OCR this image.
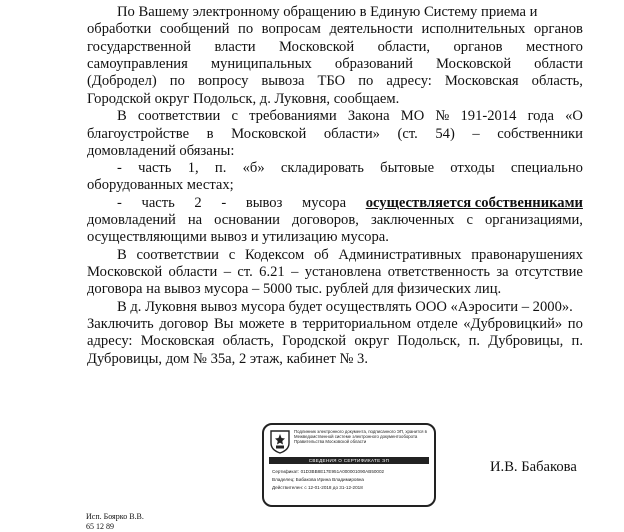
По Вашему электронному обращению в Единую Систему приема и
обработки сообщений по вопросам деятельности исполнительных органов
государственной власти Московской области, органов местного
самоуправления муниципальных образований Московской области
(Добродел) по вопросу вывоза ТБО по адресу: Московская область,
Городской округ Подольск, д. Луковня, сообщаем.
В соответствии с требованиями Закона МО № 191-2014 года «О
благоустройстве в Московской области» (ст. 54) – собственники
домовладений обязаны:
- часть 1, п. «б» складировать бытовые отходы специально
оборудованных местах;
- часть 2 - вывоз мусора осуществляется собственниками
домовладений на основании договоров, заключенных с организациями,
осуществляющими вывоз и утилизацию мусора.
В соответствии с Кодексом об Административных правонарушениях
Московской области – ст. 6.21 – установлена ответственность за отсутствие
договора на вывоз мусора – 5000 тыс. рублей для физических лиц.
В д. Луковня вывоз мусора будет осуществлять ООО «Аэросити – 2000».
Заключить договор Вы можете в территориальном отделе «Дубровицкий» по
адресу: Московская область, Городской округ Подольск, п. Дубровицы, п.
Дубровицы, дом № 35а, 2 этаж, кабинет № 3.
Подлинник электронного документа, подписанного ЭП, хранится в Межведомственной системе электронного документооборота Правительства Московской области
СВЕДЕНИЯ О СЕРТИФИКАТЕ ЭП
Сертификат: 01D3BB8E17E951A000001090AB50002
Владелец: Бабакова Ирина Владимировна
Действителен: с 12-01-2018 до 31-12-2018
И.В. Бабакова
Исп. Боярко В.В.
65 12 89
